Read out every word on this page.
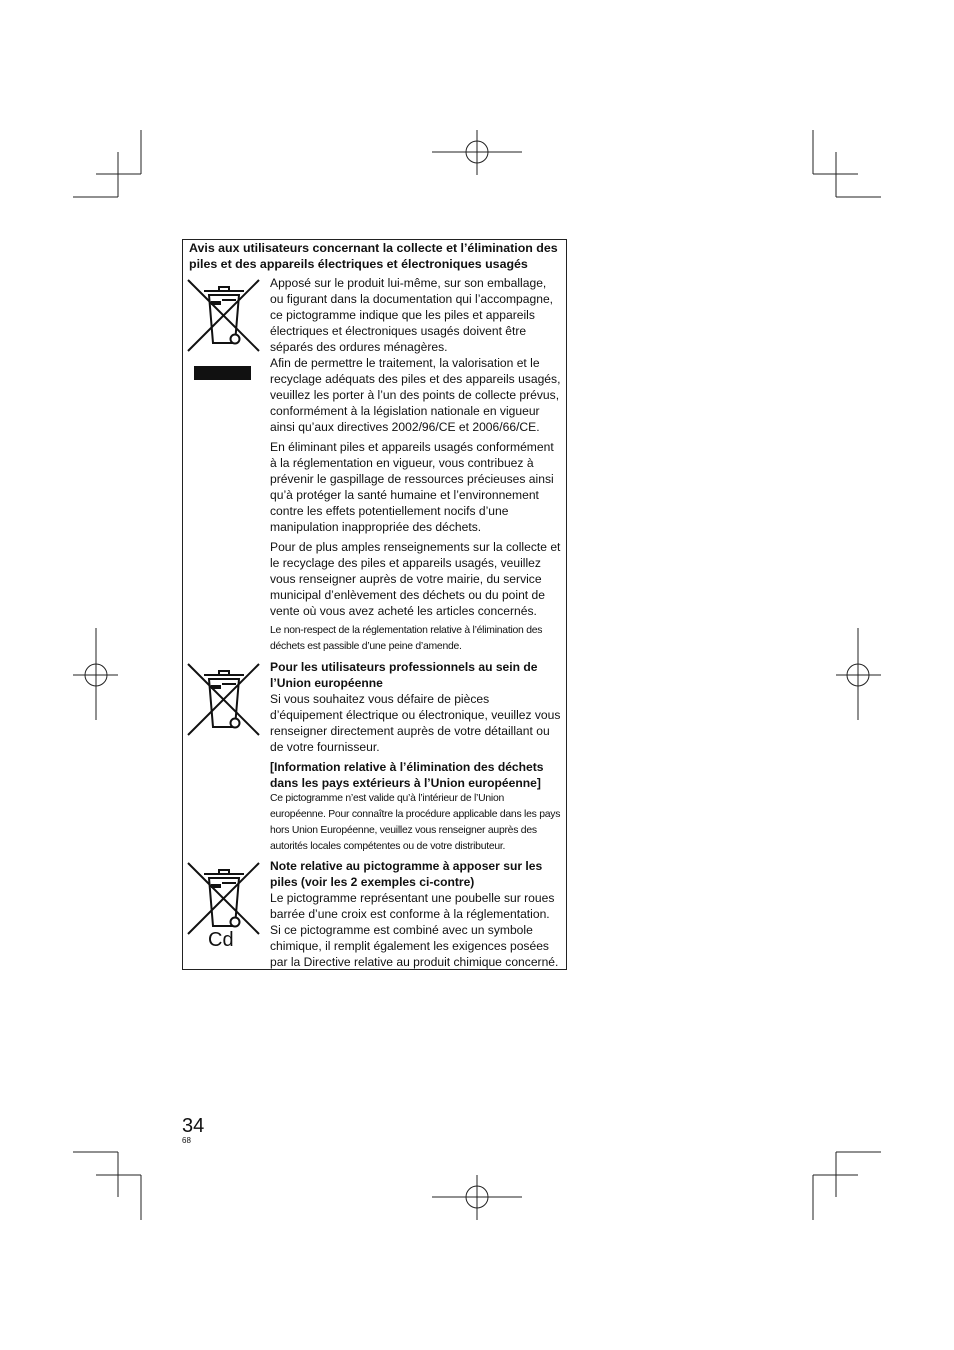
Avis aux utilisateurs concernant la collecte et l’élimination des piles et des appareils électriques et électroniques usagés
Cd

Apposé sur le produit lui-même, sur son emballage, ou figurant dans la documentation qui l’accompagne, ce pictogramme indique que les piles et appareils électriques et électroniques usagés doivent être séparés des ordures ménagères.

Afin de permettre le traitement, la valorisation et le recyclage adéquats des piles et des appareils usagés, veuillez les porter à l’un des points de collecte prévus, conformément à la législation nationale en vigueur ainsi qu’aux directives 2002/96/CE et 2006/66/CE.

En éliminant piles et appareils usagés conformément à la réglementation en vigueur, vous contribuez à prévenir le gaspillage de ressources précieuses ainsi qu’à protéger la santé humaine et l’environnement contre les effets potentiellement nocifs d’une manipulation inappropriée des déchets.

Pour de plus amples renseignements sur la collecte et le recyclage des piles et appareils usagés, veuillez vous renseigner auprès de votre mairie, du service municipal d’enlèvement des déchets ou du point de vente où vous avez acheté les articles concernés.

Le non-respect de la réglementation relative à l’élimination des déchets est passible d’une peine d’amende.

Pour les utilisateurs professionnels au sein de l’Union européenne

Si vous souhaitez vous défaire de pièces d’équipement électrique ou électronique, veuillez vous renseigner directement auprès de votre détaillant ou de votre fournisseur.

[Information relative à l’élimination des déchets dans les pays extérieurs à l’Union européenne]

Ce pictogramme n’est valide qu’à l’intérieur de l’Union européenne. Pour connaître la procédure applicable dans les pays hors Union Européenne, veuillez vous renseigner auprès des autorités locales compétentes ou de votre distributeur.

Note relative au pictogramme à apposer sur les piles (voir les 2 exemples ci-contre)

Le pictogramme représentant une poubelle sur roues barrée d’une croix est conforme à la réglementation. Si ce pictogramme est combiné avec un symbole chimique, il remplit également les exigences posées par la Directive relative au produit chimique concerné.

34
68
